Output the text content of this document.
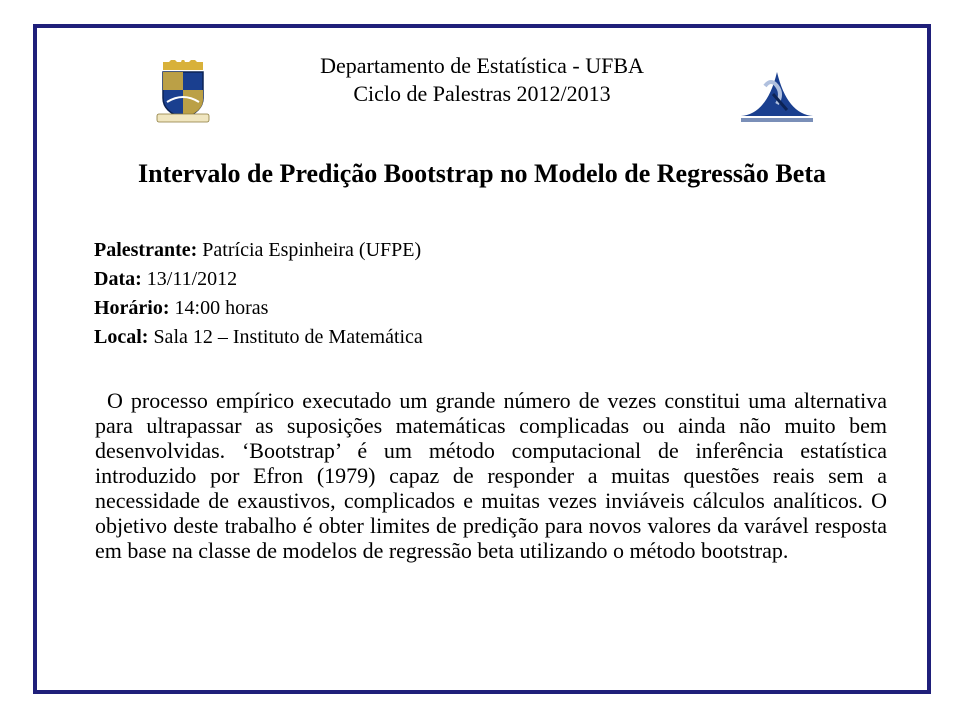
Departamento de Estatística - UFBA
Ciclo de Palestras 2012/2013
Intervalo de Predição Bootstrap no Modelo de Regressão Beta
Palestrante: Patrícia Espinheira (UFPE)
Data: 13/11/2012
Horário: 14:00 horas
Local: Sala 12 – Instituto de Matemática
O processo empírico executado um grande número de vezes constitui uma alternativa para ultrapassar as suposições matemáticas complicadas ou ainda não muito bem desenvolvidas. ‘Bootstrap’ é um método computacional de inferência estatística introduzido por Efron (1979) capaz de responder a muitas questões reais sem a necessidade de exaustivos, complicados e muitas vezes inviáveis cálculos analíticos. O objetivo deste trabalho é obter limites de predição para novos valores da varável resposta em base na classe de modelos de regressão beta utilizando o método bootstrap.
